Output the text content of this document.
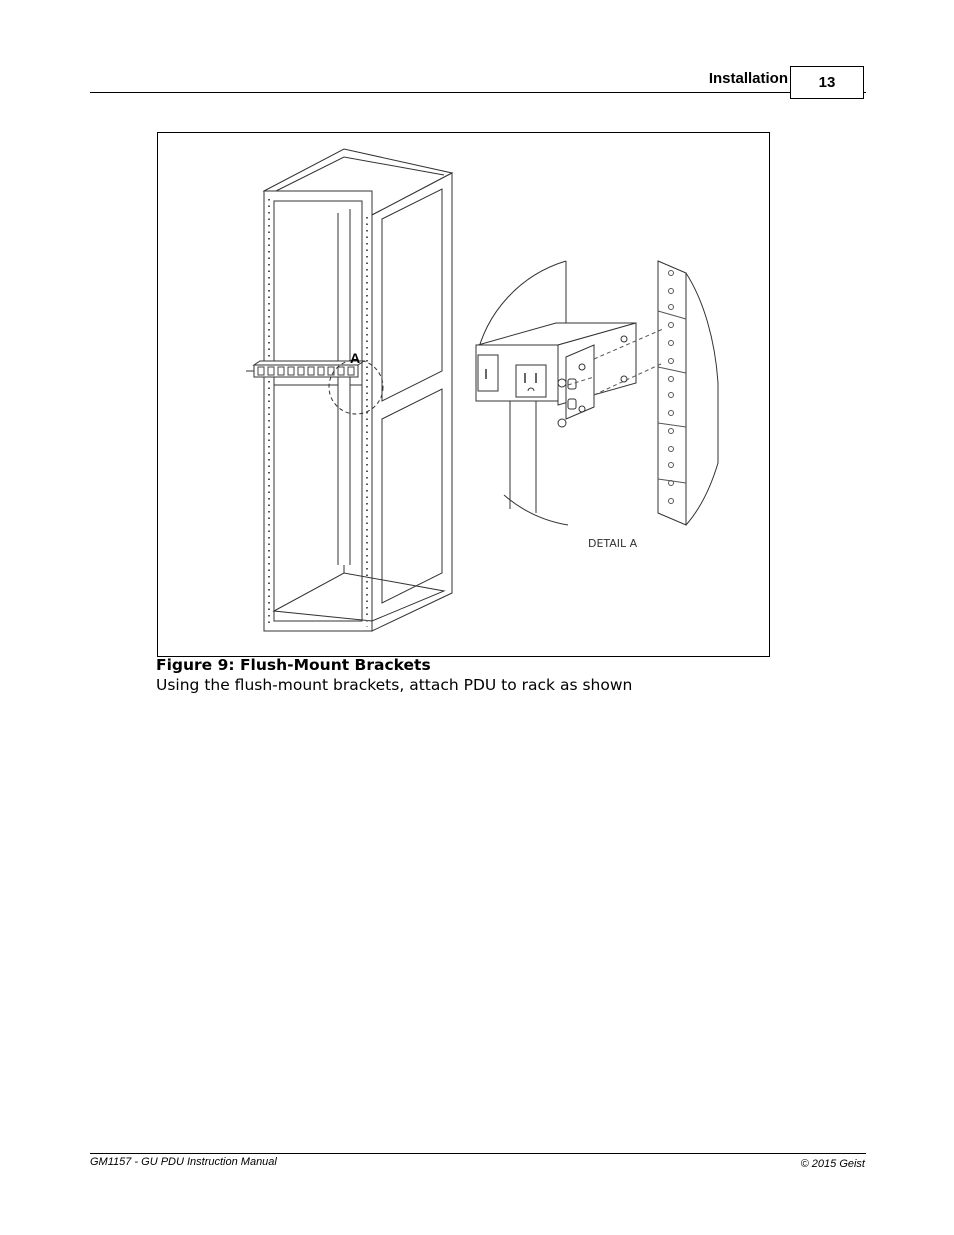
Installation 13
A
DETAIL A
Figure 9: Flush-Mount Brackets
Using the flush-mount brackets, attach PDU to rack as shown
GM1157 - GU PDU Instruction Manual	© 2015 Geist
